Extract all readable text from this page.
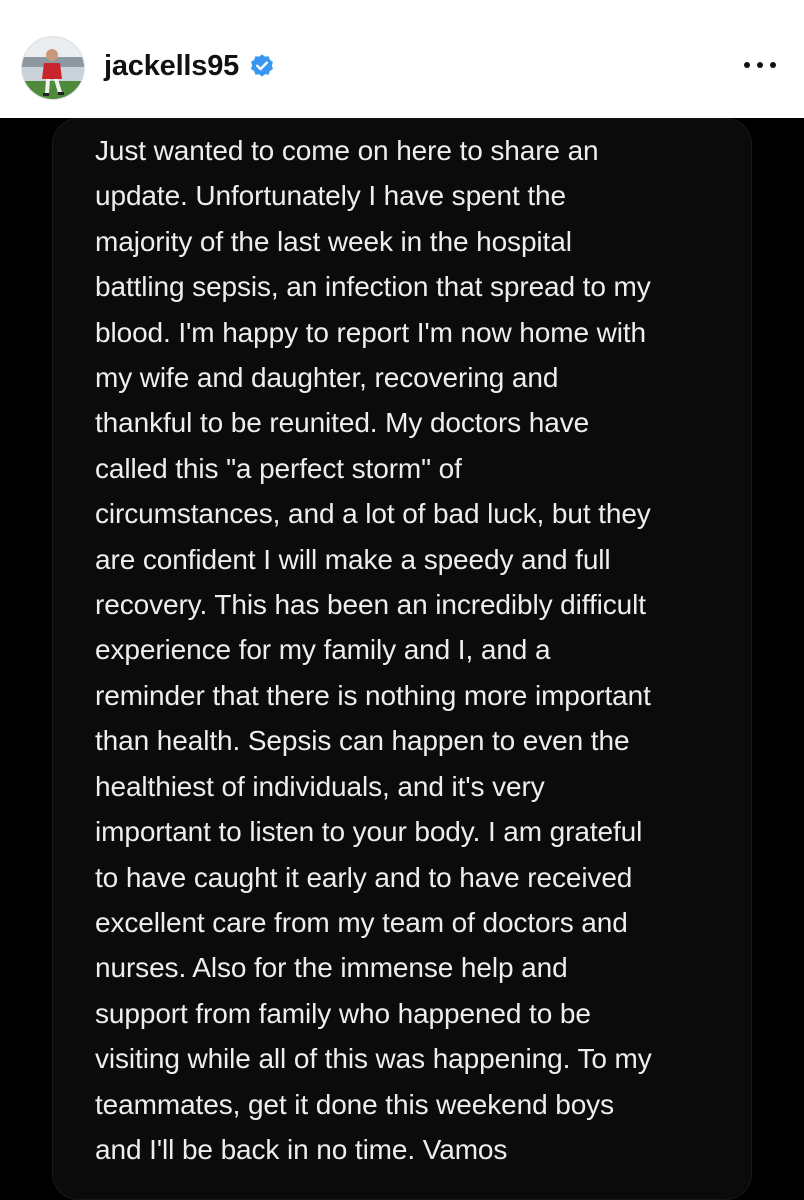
jackells95

Just wanted to come on here to share an
update. Unfortunately I have spent the
majority of the last week in the hospital
battling sepsis, an infection that spread to my
blood. I'm happy to report I'm now home with
my wife and daughter, recovering and
thankful to be reunited. My doctors have
called this "a perfect storm" of
circumstances, and a lot of bad luck, but they
are confident I will make a speedy and full
recovery. This has been an incredibly difficult
experience for my family and I, and a
reminder that there is nothing more important
than health. Sepsis can happen to even the
healthiest of individuals, and it's very
important to listen to your body. I am grateful
to have caught it early and to have received
excellent care from my team of doctors and
nurses. Also for the immense help and
support from family who happened to be
visiting while all of this was happening. To my
teammates, get it done this weekend boys
and I'll be back in no time. Vamos
